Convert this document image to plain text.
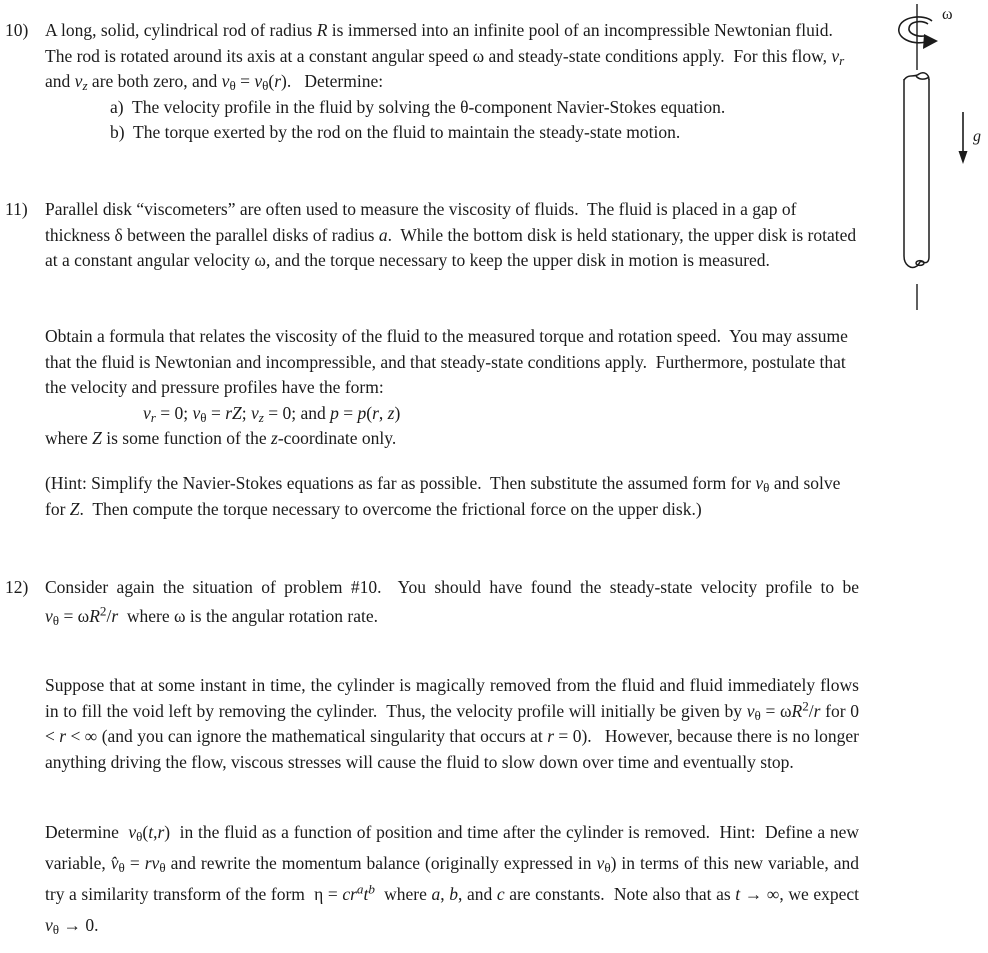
ω
g
10) A long, solid, cylindrical rod of radius R is immersed into an infinite pool of an incompressible Newtonian fluid.  The rod is rotated around its axis at a constant angular speed ω and steady-state conditions apply.  For this flow, vr and vz are both zero, and vθ = vθ(r).   Determine:
a)  The velocity profile in the fluid by solving the θ-component Navier-Stokes equation.
b)  The torque exerted by the rod on the fluid to maintain the steady-state motion.
11) Parallel disk “viscometers” are often used to measure the viscosity of fluids.  The fluid is placed in a gap of thickness δ between the parallel disks of radius a.  While the bottom disk is held stationary, the upper disk is rotated at a constant angular velocity ω, and the torque necessary to keep the upper disk in motion is measured.
Obtain a formula that relates the viscosity of the fluid to the measured torque and rotation speed.  You may assume that the fluid is Newtonian and incompressible, and that steady-state conditions apply.  Furthermore, postulate that the velocity and pressure profiles have the form:
vr = 0; vθ = rZ; vz = 0; and p = p(r, z)
where Z is some function of the z-coordinate only.
(Hint: Simplify the Navier-Stokes equations as far as possible.  Then substitute the assumed form for vθ and solve for Z.  Then compute the torque necessary to overcome the frictional force on the upper disk.)
12) Consider again the situation of problem #10.  You should have found the steady-state velocity profile to be $v\theta = \omega R^2/r$  where ω is the angular rotation rate.
Suppose that at some instant in time, the cylinder is magically removed from the fluid and fluid immediately flows in to fill the void left by removing the cylinder.  Thus, the velocity profile will initially be given by $v\theta = \omega R^2/r$ for 0 < r < ∞ (and you can ignore the mathematical singularity that occurs at r = 0).   However, because there is no longer anything driving the flow, viscous stresses will cause the fluid to slow down over time and eventually stop.
Determine  vθ(t,r)  in the fluid as a function of position and time after the cylinder is removed.  Hint:  Define a new variable, v̂θ = rvθ and rewrite the momentum balance (originally expressed in vθ) in terms of this new variable, and try a similarity transform of the form  $\eta = cr^at^b$  where a, b, and c are constants.  Note also that as t → ∞, we expect vθ → 0.
